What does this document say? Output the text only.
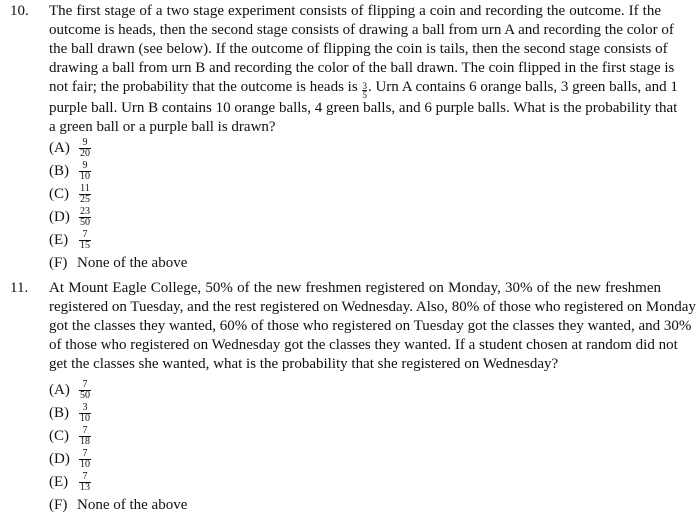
10. The first stage of a two stage experiment consists of flipping a coin and recording the outcome. If the
outcome is heads, then the second stage consists of drawing a ball from urn A and recording the color of
the ball drawn (see below). If the outcome of flipping the coin is tails, then the second stage consists of
drawing a ball from urn B and recording the color of the ball drawn. The coin flipped in the first stage is
not fair; the probability that the outcome is heads is $\frac{3}{5}$ . Urn A contains 6 orange balls, 3 green balls, and 1
purple ball. Urn B contains 10 orange balls, 4 green balls, and 6 purple balls. What is the probability that
a green ball or a purple ball is drawn?
$(A) \frac{9}{20}$
(B)	$\frac{9}{10}$
(C)	$\frac{11}{25}$
$(D) \frac{23}{50}$
(E)	$\frac{7}{15}$
(F) None of the above
11. At Mount Eagle College, 50% of the new freshmen registered on Monday, 30% of the new freshmen
registered on Tuesday, and the rest registered on Wednesday. Also, 80% of those who registered on Monday
got the classes they wanted, 60% of those who registered on Tuesday got the classes they wanted, and 30%
of those who registered on Wednesday got the classes they wanted. If a student chosen at random did not
get the classes she wanted, what is the probability that she registered on Wednesday?
$(A) \frac{7}{50}$
(B)	$\frac{3}{10}$
(C)	$\frac{7}{18}$
$(D) \frac{7}{10}$
(E)	$\frac{7}{13}$
(F) None of the above
